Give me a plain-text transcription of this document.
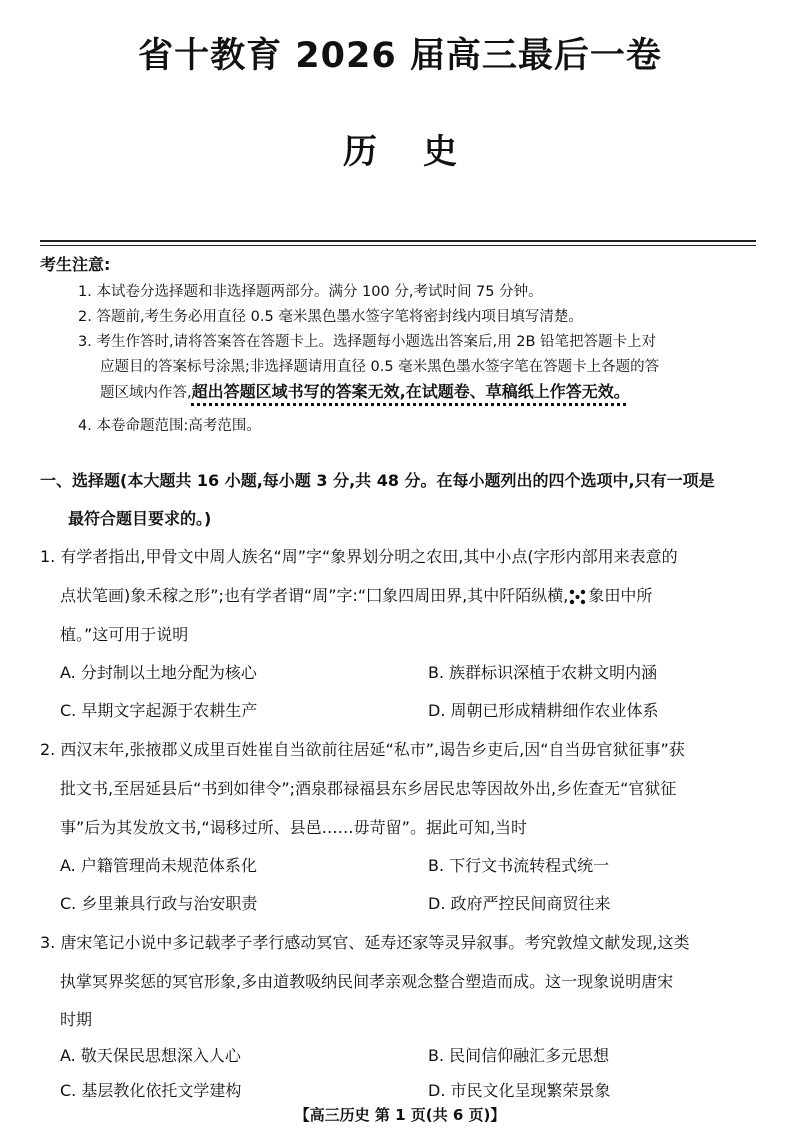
省十教育 2026 届高三最后一卷
历史
考生注意:
1. 本试卷分选择题和非选择题两部分。满分 100 分,考试时间 75 分钟。
2. 答题前,考生务必用直径 0.5 毫米黑色墨水签字笔将密封线内项目填写清楚。
3. 考生作答时,请将答案答在答题卡上。选择题每小题选出答案后,用 2B 铅笔把答题卡上对
应题目的答案标号涂黑;非选择题请用直径 0.5 毫米黑色墨水签字笔在答题卡上各题的答
题区域内作答,超出答题区域书写的答案无效,在试题卷、草稿纸上作答无效。
4. 本卷命题范围:高考范围。
一、选择题(本大题共 16 小题,每小题 3 分,共 48 分。在每小题列出的四个选项中,只有一项是
最符合题目要求的。)
1. 有学者指出,甲骨文中周人族名“周”字“象界划分明之农田,其中小点(字形内部用来表意的
点状笔画)象禾稼之形”;也有学者谓“周”字:“囗象四周田界,其中阡陌纵横, 象田中所
植。”这可用于说明
A. 分封制以土地分配为核心	B. 族群标识深植于农耕文明内涵
C. 早期文字起源于农耕生产	D. 周朝已形成精耕细作农业体系
2. 西汉末年,张掖郡义成里百姓崔自当欲前往居延“私市”,谒告乡吏后,因“自当毋官狱征事”获
批文书,至居延县后“书到如律令”;酒泉郡禄福县东乡居民忠等因故外出,乡佐查无“官狱征
事”后为其发放文书,“谒移过所、县邑……毋苛留”。据此可知,当时
A. 户籍管理尚未规范体系化	B. 下行文书流转程式统一
C. 乡里兼具行政与治安职责	D. 政府严控民间商贸往来
3. 唐宋笔记小说中多记载孝子孝行感动冥官、延寿还家等灵异叙事。考究敦煌文献发现,这类
执掌冥界奖惩的冥官形象,多由道教吸纳民间孝亲观念整合塑造而成。这一现象说明唐宋
时期
A. 敬天保民思想深入人心	B. 民间信仰融汇多元思想
C. 基层教化依托文学建构	D. 市民文化呈现繁荣景象
【高三历史 第 1 页(共 6 页)】
